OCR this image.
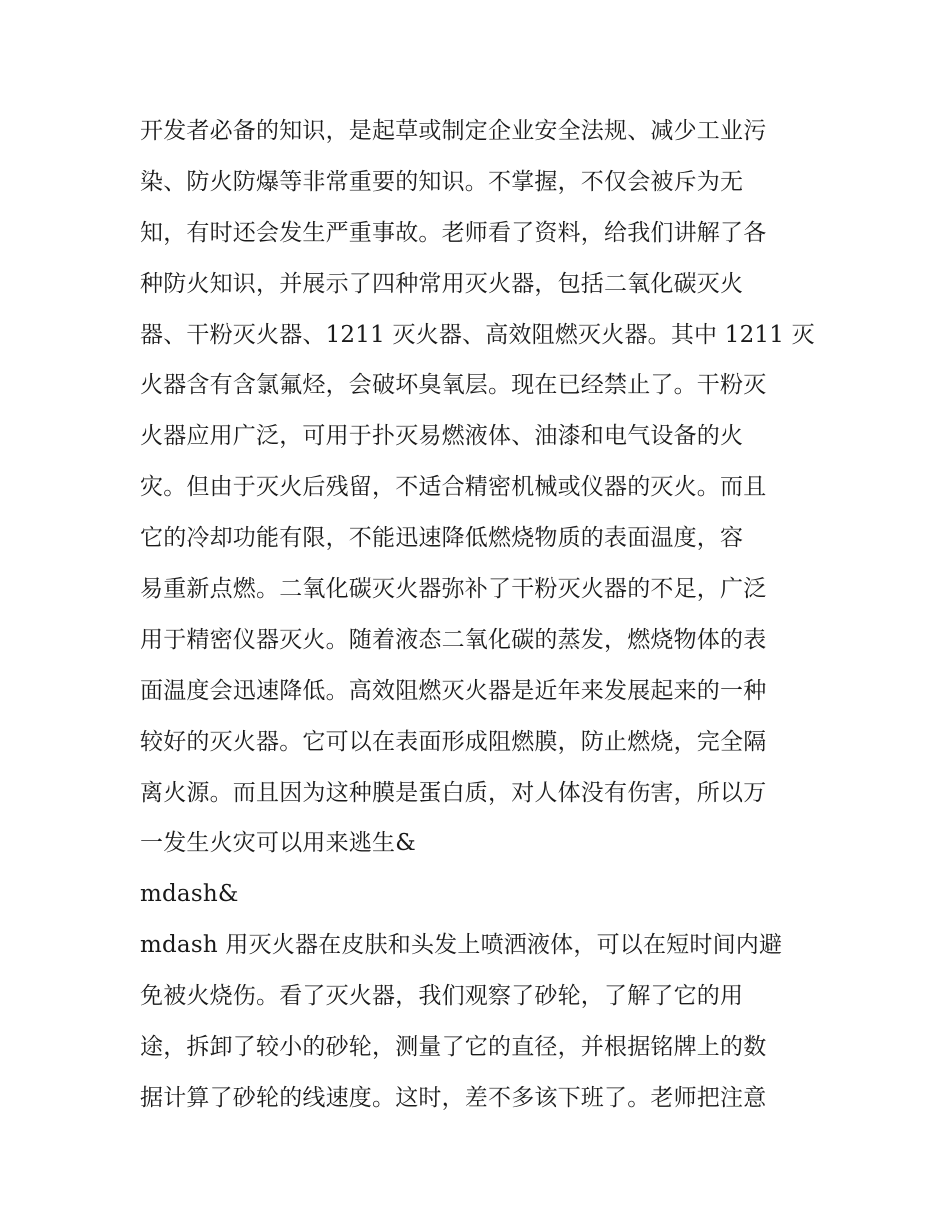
开发者必备的知识，是起草或制定企业安全法规、减少工业污
染、防火防爆等非常重要的知识。不掌握，不仅会被斥为无
知，有时还会发生严重事故。老师看了资料，给我们讲解了各
种防火知识，并展示了四种常用灭火器，包括二氧化碳灭火
器、干粉灭火器、1211 灭火器、高效阻燃灭火器。其中 1211 灭
火器含有含氯氟烃，会破坏臭氧层。现在已经禁止了。干粉灭
火器应用广泛，可用于扑灭易燃液体、油漆和电气设备的火
灾。但由于灭火后残留，不适合精密机械或仪器的灭火。而且
它的冷却功能有限，不能迅速降低燃烧物质的表面温度，容
易重新点燃。二氧化碳灭火器弥补了干粉灭火器的不足，广泛
用于精密仪器灭火。随着液态二氧化碳的蒸发，燃烧物体的表
面温度会迅速降低。高效阻燃灭火器是近年来发展起来的一种
较好的灭火器。它可以在表面形成阻燃膜，防止燃烧，完全隔
离火源。而且因为这种膜是蛋白质，对人体没有伤害，所以万
一发生火灾可以用来逃生&
mdash&
mdash 用灭火器在皮肤和头发上喷洒液体，可以在短时间内避
免被火烧伤。看了灭火器，我们观察了砂轮，了解了它的用
途，拆卸了较小的砂轮，测量了它的直径，并根据铭牌上的数
据计算了砂轮的线速度。这时，差不多该下班了。老师把注意
